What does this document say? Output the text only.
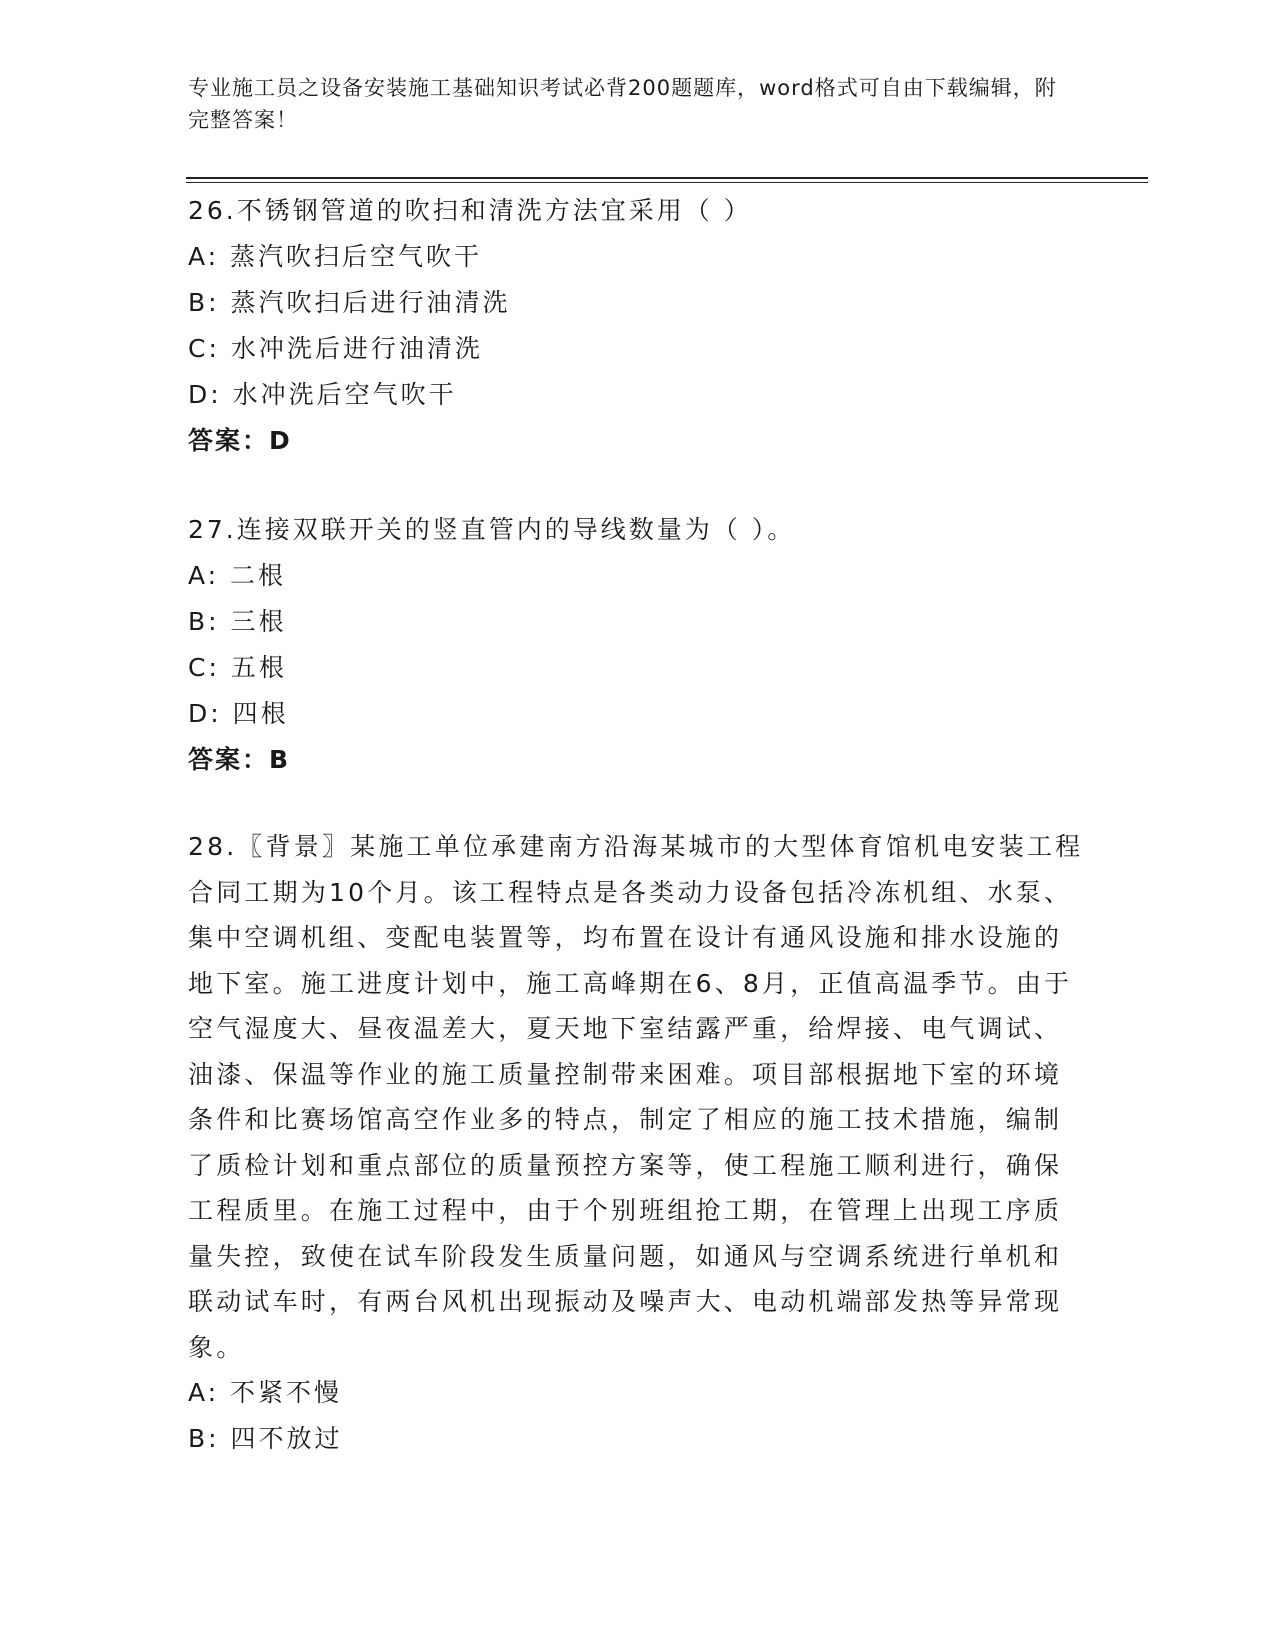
专业施工员之设备安装施工基础知识考试必背200题题库，word格式可自由下载编辑，附完整答案！
26.不锈钢管道的吹扫和清洗方法宜采用（ ）
A: 蒸汽吹扫后空气吹干
B: 蒸汽吹扫后进行油清洗
C: 水冲洗后进行油清洗
D: 水冲洗后空气吹干
答案：D
27.连接双联开关的竖直管内的导线数量为（ ）。
A: 二根
B: 三根
C: 五根
D: 四根
答案：B
28.〖背景〗某施工单位承建南方沿海某城市的大型体育馆机电安装工程合同工期为10个月。该工程特点是各类动力设备包括冷冻机组、水泵、集中空调机组、变配电装置等，均布置在设计有通风设施和排水设施的地下室。施工进度计划中，施工高峰期在6、8月，正值高温季节。由于空气湿度大、昼夜温差大，夏天地下室结露严重，给焊接、电气调试、油漆、保温等作业的施工质量控制带来困难。项目部根据地下室的环境条件和比赛场馆高空作业多的特点，制定了相应的施工技术措施，编制了质检计划和重点部位的质量预控方案等，使工程施工顺利进行，确保工程质里。在施工过程中，由于个别班组抢工期，在管理上出现工序质量失控，致使在试车阶段发生质量问题，如通风与空调系统进行单机和联动试车时，有两台风机出现振动及噪声大、电动机端部发热等异常现象。
A: 不紧不慢
B: 四不放过
